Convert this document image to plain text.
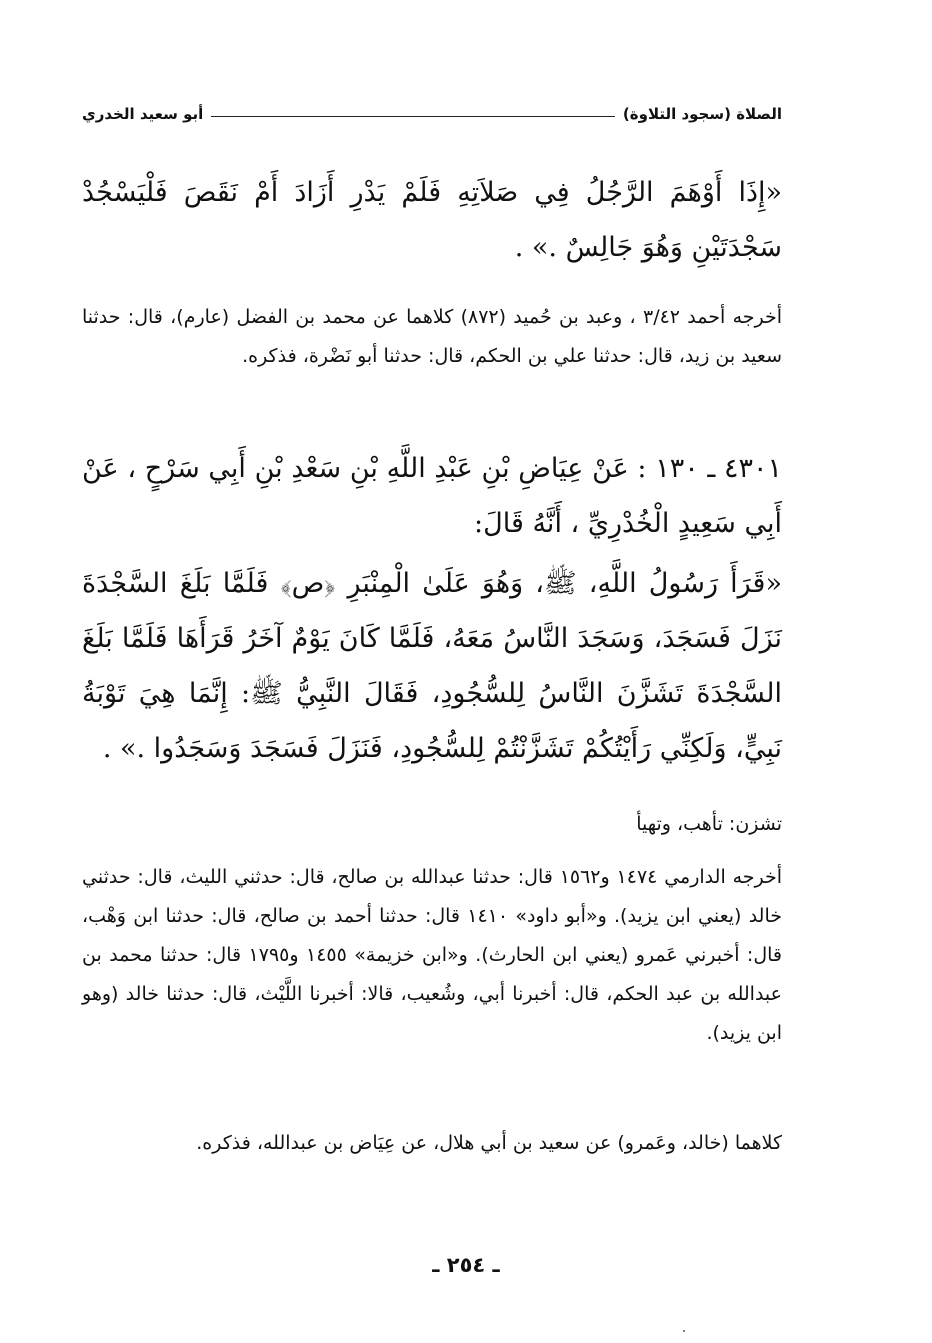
الصلاة (سجود التلاوة)
أبو سعيد الخدري
«إِذَا أَوْهَمَ الرَّجُلُ فِي صَلاَتِهِ فَلَمْ يَدْرِ أَزَادَ أَمْ نَقَصَ فَلْيَسْجُدْ سَجْدَتَيْنِ وَهُوَ جَالِسٌ .» .
أخرجه أحمد ٣/٤٢ ، وعبد بن حُميد (٨٧٢) كلاهما عن محمد بن الفضل (عارم)، قال: حدثنا سعيد بن زيد، قال: حدثنا علي بن الحكم، قال: حدثنا أبو نَضْرة، فذكره.
٤٣٠١ ـ ١٣٠ : عَنْ عِيَاضِ بْنِ عَبْدِ اللَّهِ بْنِ سَعْدِ بْنِ أَبِي سَرْحٍ ، عَنْ أَبِي سَعِيدٍ الْخُدْرِيِّ ، أَنَّهُ قَالَ:
«قَرَأَ رَسُولُ اللَّهِ، ﷺ، وَهُوَ عَلَىٰ الْمِنْبَرِ ﴿ص﴾ فَلَمَّا بَلَغَ السَّجْدَةَ نَزَلَ فَسَجَدَ، وَسَجَدَ النَّاسُ مَعَهُ، فَلَمَّا كَانَ يَوْمٌ آخَرُ قَرَأَهَا فَلَمَّا بَلَغَ السَّجْدَةَ تَشَزَّنَ النَّاسُ لِلسُّجُودِ، فَقَالَ النَّبِيُّ ﷺ: إِنَّمَا هِيَ تَوْبَةُ نَبِيٍّ، وَلَكِنِّي رَأَيْتُكُمْ تَشَزَّنْتُمْ لِلسُّجُودِ، فَنَزَلَ فَسَجَدَ وَسَجَدُوا .» .
تشزن: تأهب، وتهيأ
أخرجه الدارمي ١٤٧٤ و١٥٦٢ قال: حدثنا عبدالله بن صالح، قال: حدثني الليث، قال: حدثني خالد (يعني ابن يزيد). و«أبو داود» ١٤١٠ قال: حدثنا أحمد بن صالح، قال: حدثنا ابن وَهْب، قال: أخبرني عَمرو (يعني ابن الحارث). و«ابن خزيمة» ١٤٥٥ و١٧٩٥ قال: حدثنا محمد بن عبدالله بن عبد الحكم، قال: أخبرنا أبي، وشُعيب، قالا: أخبرنا اللَّيْث، قال: حدثنا خالد (وهو ابن يزيد).
كلاهما (خالد، وعَمرو) عن سعيد بن أبي هلال، عن عِيَاض بن عبدالله، فذكره.
ـ ٢٥٤ ـ
